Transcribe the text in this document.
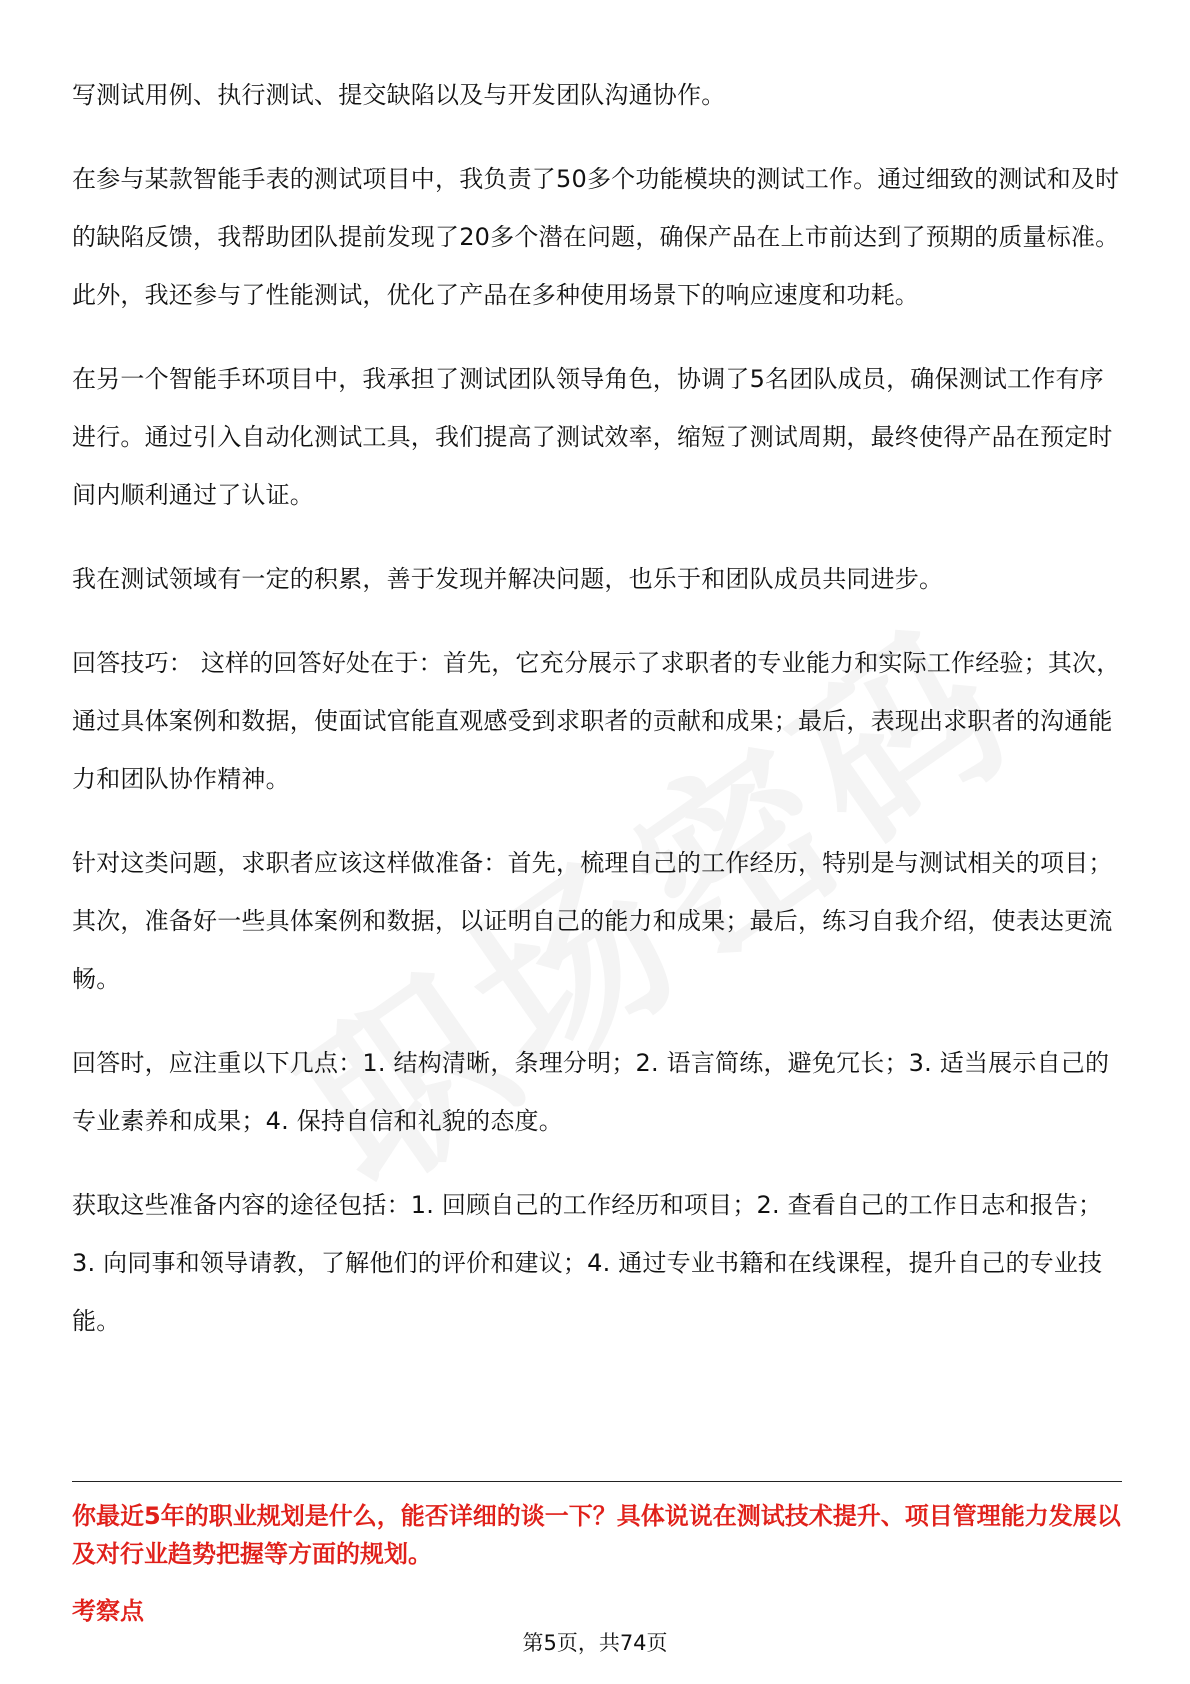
写测试用例、执行测试、提交缺陷以及与开发团队沟通协作。

在参与某款智能手表的测试项目中，我负责了50多个功能模块的测试工作。通过细致的测试和及时的缺陷反馈，我帮助团队提前发现了20多个潜在问题，确保产品在上市前达到了预期的质量标准。此外，我还参与了性能测试，优化了产品在多种使用场景下的响应速度和功耗。

在另一个智能手环项目中，我承担了测试团队领导角色，协调了5名团队成员，确保测试工作有序进行。通过引入自动化测试工具，我们提高了测试效率，缩短了测试周期，最终使得产品在预定时间内顺利通过了认证。

我在测试领域有一定的积累，善于发现并解决问题，也乐于和团队成员共同进步。

回答技巧： 这样的回答好处在于：首先，它充分展示了求职者的专业能力和实际工作经验；其次，通过具体案例和数据，使面试官能直观感受到求职者的贡献和成果；最后，表现出求职者的沟通能力和团队协作精神。

针对这类问题，求职者应该这样做准备：首先，梳理自己的工作经历，特别是与测试相关的项目；其次，准备好一些具体案例和数据，以证明自己的能力和成果；最后，练习自我介绍，使表达更流畅。

回答时，应注重以下几点：1. 结构清晰，条理分明；2. 语言简练，避免冗长；3. 适当展示自己的专业素养和成果；4. 保持自信和礼貌的态度。

获取这些准备内容的途径包括：1. 回顾自己的工作经历和项目；2. 查看自己的工作日志和报告；3. 向同事和领导请教，了解他们的评价和建议；4. 通过专业书籍和在线课程，提升自己的专业技能。

你最近5年的职业规划是什么，能否详细的谈一下？具体说说在测试技术提升、项目管理能力发展以及对行业趋势把握等方面的规划。
考察点
第5页，共74页
